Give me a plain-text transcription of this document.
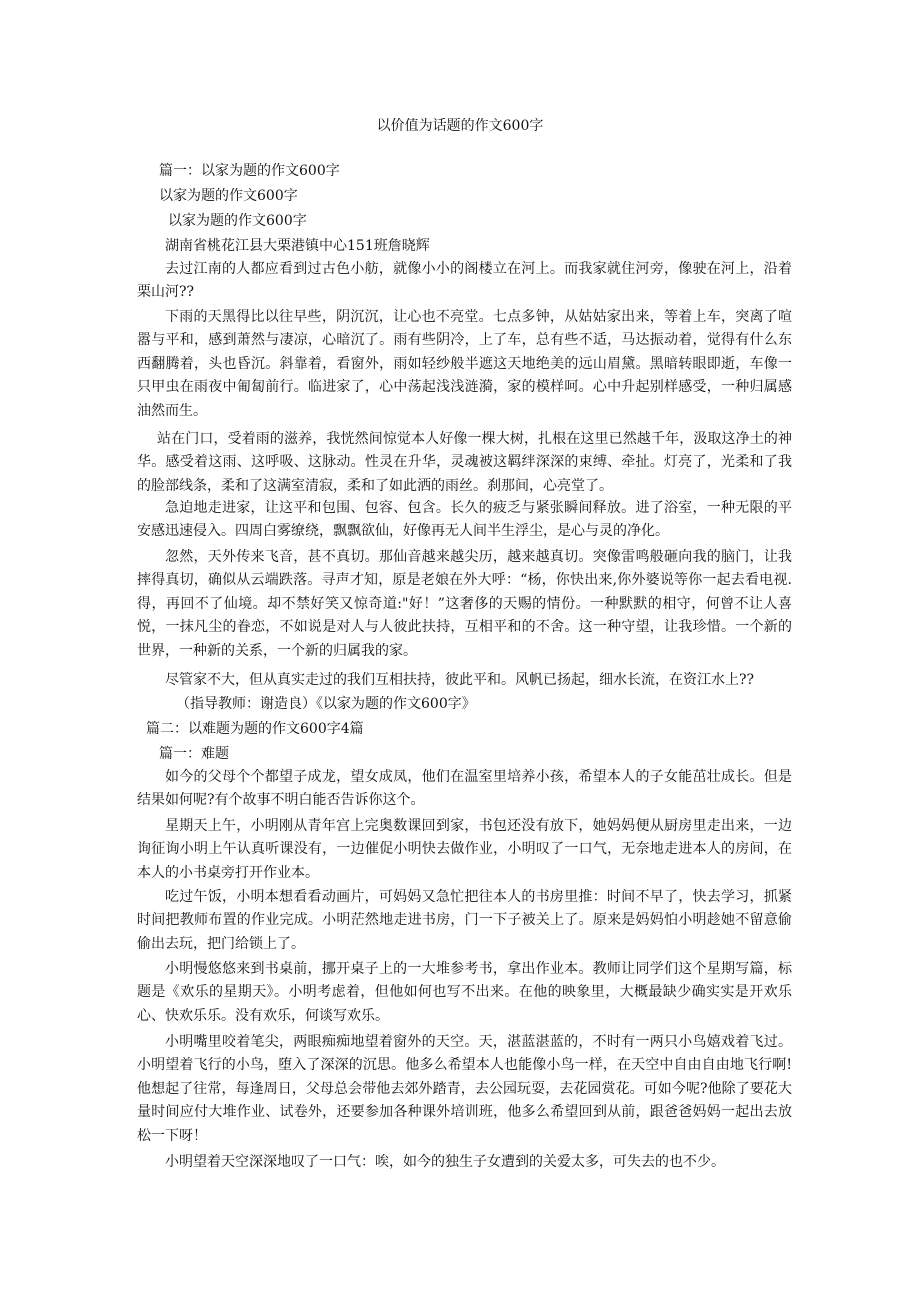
以价值为话题的作文600字
篇一：以家为题的作文600字
以家为题的作文600字
以家为题的作文600字
湖南省桃花江县大栗港镇中心151班詹晓辉
去过江南的人都应看到过古色小舫，就像小小的阁楼立在河上。而我家就住河旁，像驶在河上，沿着栗山河??
下雨的天黑得比以往早些，阴沉沉，让心也不亮堂。七点多钟，从姑姑家出来，等着上车，突离了喧嚣与平和，感到萧然与凄凉，心暗沉了。雨有些阴冷，上了车，总有些不适，马达振动着，觉得有什么东西翻腾着，头也昏沉。斜靠着，看窗外，雨如轻纱般半遮这天地绝美的远山眉黛。黑暗转眼即逝，车像一只甲虫在雨夜中匍匐前行。临进家了，心中荡起浅浅涟漪，家的模样呵。心中升起别样感受，一种归属感油然而生。
站在门口，受着雨的滋养，我恍然间惊觉本人好像一棵大树，扎根在这里已然越千年，汲取这净土的神华。感受着这雨、这呼吸、这脉动。性灵在升华，灵魂被这羁绊深深的束缚、牵扯。灯亮了，光柔和了我的脸部线条，柔和了这满室清寂，柔和了如此洒的雨丝。刹那间，心亮堂了。
急迫地走进家，让这平和包围、包容、包含。长久的疲乏与紧张瞬间释放。进了浴室，一种无限的平安感迅速侵入。四周白雾缭绕，飘飘欲仙，好像再无人间半生浮尘，是心与灵的净化。
忽然，天外传来飞音，甚不真切。那仙音越来越尖历，越来越真切。突像雷鸣般砸向我的脑门，让我摔得真切，确似从云端跌落。寻声才知，原是老娘在外大呼：“杨，你快出来,你外婆说等你一起去看电视.得，再回不了仙境。却不禁好笑又惊奇道:"好！”这奢侈的天赐的情份。一种默默的相守，何曾不让人喜悦，一抹凡尘的眷恋，不如说是对人与人彼此扶持，互相平和的不舍。这一种守望，让我珍惜。一个新的世界，一种新的关系，一个新的归属我的家。
尽管家不大，但从真实走过的我们互相扶持，彼此平和。风帆已扬起，细水长流，在资江水上??
（指导教师：谢造良）《以家为题的作文600字》
篇二：以难题为题的作文600字4篇
篇一：难题
如今的父母个个都望子成龙，望女成凤，他们在温室里培养小孩，希望本人的子女能茁壮成长。但是结果如何呢?有个故事不明白能否告诉你这个。
星期天上午，小明刚从青年宫上完奥数课回到家，书包还没有放下，她妈妈便从厨房里走出来，一边询征询小明上午认真听课没有，一边催促小明快去做作业，小明叹了一口气，无奈地走进本人的房间，在本人的小书桌旁打开作业本。
吃过午饭，小明本想看看动画片，可妈妈又急忙把往本人的书房里推：时间不早了，快去学习，抓紧时间把教师布置的作业完成。小明茫然地走进书房，门一下子被关上了。原来是妈妈怕小明趁她不留意偷偷出去玩，把门给锁上了。
小明慢悠悠来到书桌前，挪开桌子上的一大堆参考书，拿出作业本。教师让同学们这个星期写篇，标题是《欢乐的星期天》。小明考虑着，但他如何也写不出来。在他的映象里，大概最缺少确实实是开欢乐心、快欢乐乐。没有欢乐，何谈写欢乐。
小明嘴里咬着笔尖，两眼痴痴地望着窗外的天空。天，湛蓝湛蓝的，不时有一两只小鸟嬉戏着飞过。小明望着飞行的小鸟，堕入了深深的沉思。他多么希望本人也能像小鸟一样，在天空中自由自由地飞行啊!他想起了往常，每逢周日，父母总会带他去郊外踏青，去公园玩耍，去花园赏花。可如今呢?他除了要花大量时间应付大堆作业、试卷外，还要参加各种课外培训班，他多么希望回到从前，跟爸爸妈妈一起出去放松一下呀！
小明望着天空深深地叹了一口气：唉，如今的独生子女遭到的关爱太多，可失去的也不少。
